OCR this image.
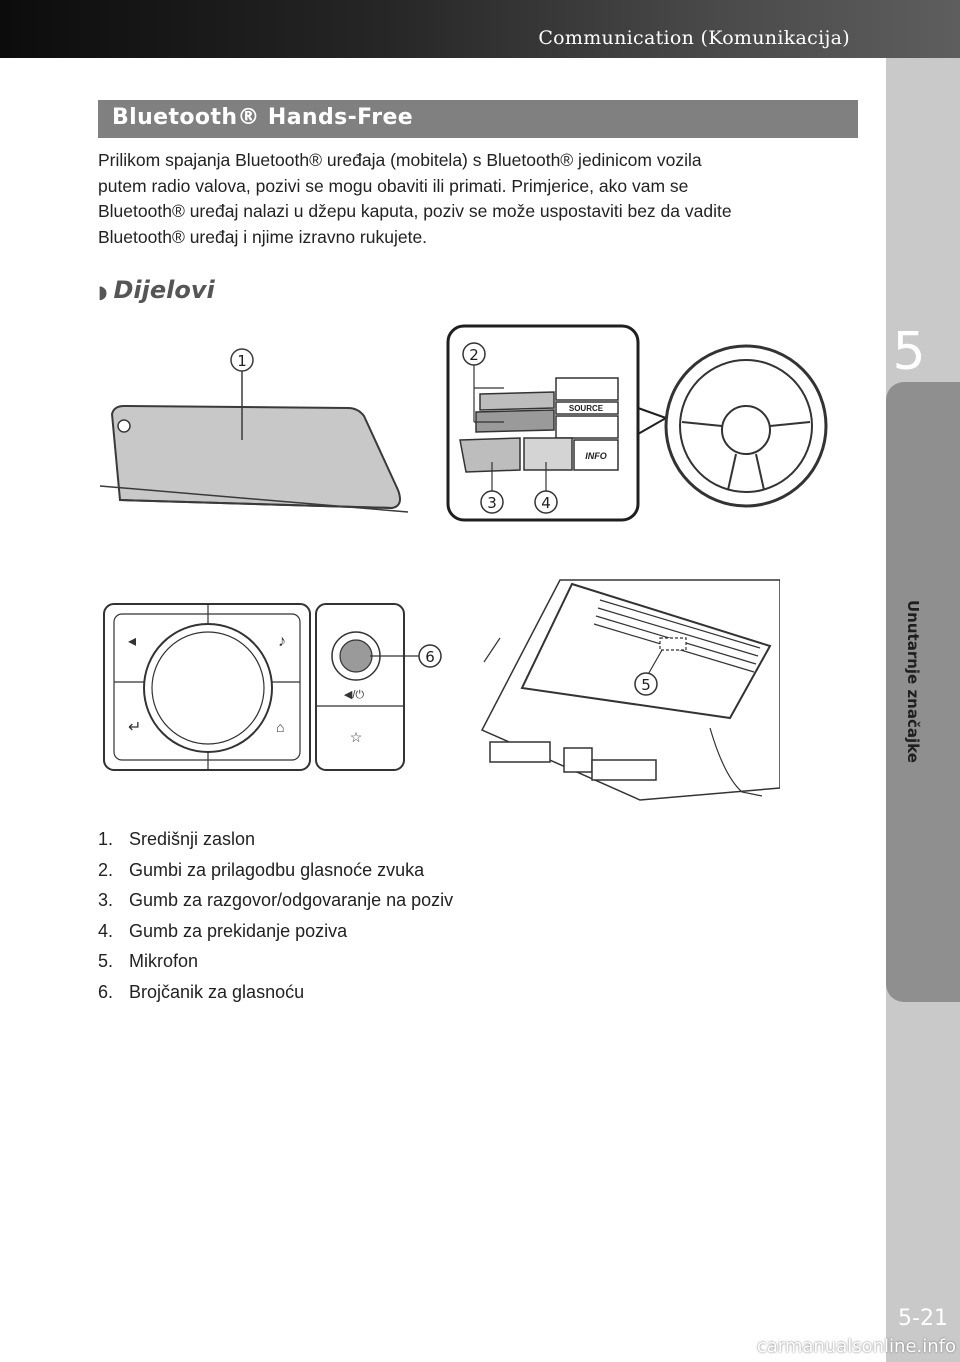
Communication (Komunikacija)
5
Unutarnje značajke
5-21
carmanualsonline.info
Bluetooth® Hands-Free

Prilikom spajanja Bluetooth® uređaja (mobitela) s Bluetooth® jedinicom vozila

putem radio valova, pozivi se mogu obaviti ili primati. Primjerice, ako vam se

Bluetooth® uređaj nalazi u džepu kaputa, poziv se može uspostaviti bez da vadite

Bluetooth® uređaj i njime izravno rukujete.

◗ Dijelovi
1
SOURCE
INFO
2
3	4
◂	♪
↵	⌂
◀/⏻
☆
6
5
1. Središnji zaslon
2. Gumbi za prilagodbu glasnoće zvuka
3. Gumb za razgovor/odgovaranje na poziv
4. Gumb za prekidanje poziva
5. Mikrofon
6. Brojčanik za glasnoću
